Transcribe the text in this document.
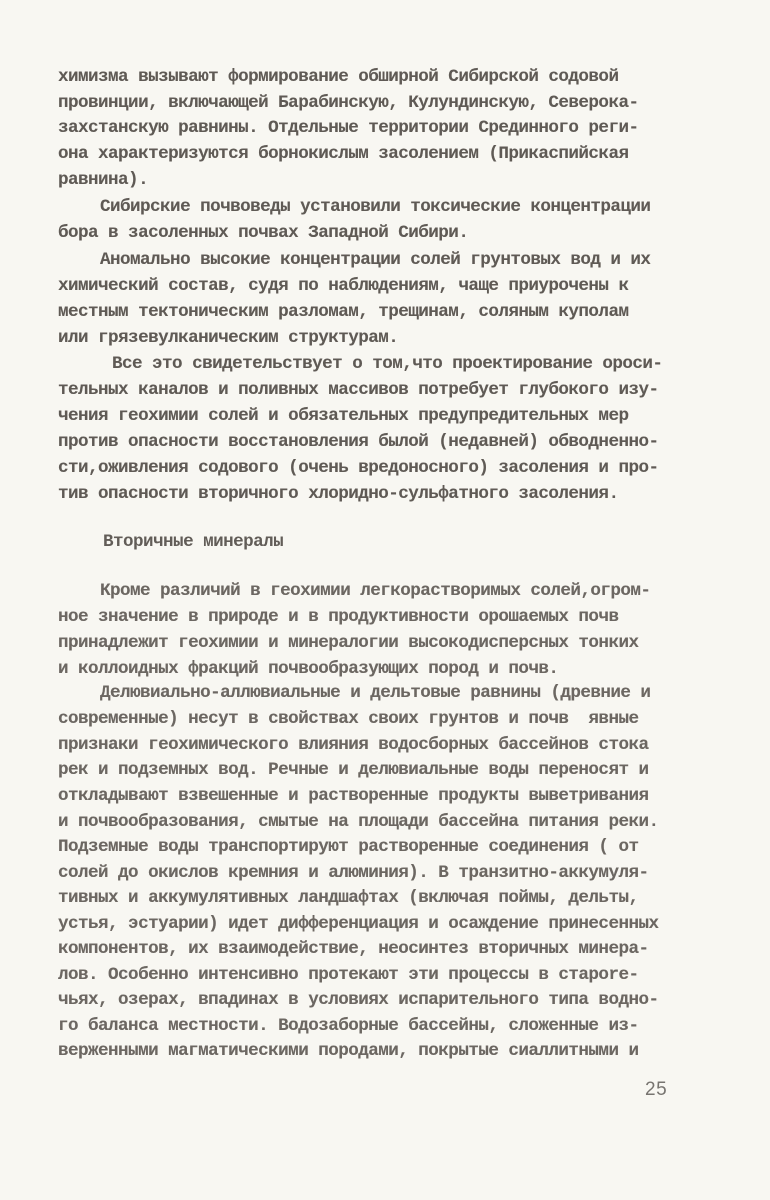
химизма вызывают формирование обширной Сибирской содовой
провинции, включающей Барабинскую, Кулундинскую, Северока-
захстанскую равнины. Отдельные территории Срединного реги-
она характеризуются борнокислым засолением (Прикаспийская
равнина).
Сибирские почвоведы установили токсические концентрации
бора в засоленных почвах Западной Сибири.
Аномально высокие концентрации солей грунтовых вод и их
химический состав, судя по наблюдениям, чаще приурочены к
местным тектоническим разломам, трещинам, соляным куполам
или грязевулканическим структурам.
Все это свидетельствует о том,что проектирование ороси-
тельных каналов и поливных массивов потребует глубокого изу-
чения геохимии солей и обязательных предупредительных мер
против опасности восстановления былой (недавней) обводненно-
сти,оживления содового (очень вредоносного) засоления и про-
тив опасности вторичного хлоридно-сульфатного засоления.
Вторичные минералы
Кроме различий в геохимии легкорастворимых солей,огром-
ное значение в природе и в продуктивности орошаемых почв
принадлежит геохимии и минералогии высокодисперсных тонких
и коллоидных фракций почвообразующих пород и почв.
Делювиально-аллювиальные и дельтовые равнины (древние и
современные) несут в свойствах своих грунтов и почв  явные
признаки геохимического влияния водосборных бассейнов стока
рек и подземных вод. Речные и делювиальные воды переносят и
откладывают взвешенные и растворенные продукты выветривания
и почвообразования, смытые на площади бассейна питания реки.
Подземные воды транспортируют растворенные соединения ( от
солей до окислов кремния и алюминия). В транзитно-аккумуля-
тивных и аккумулятивных ландшафтах (включая поймы, дельты,
устья, эстуарии) идет дифференциация и осаждение принесенных
компонентов, их взаимодействие, неосинтез вторичных минера-
лов. Особенно интенсивно протекают эти процессы в старore-
чьях, озерах, впадинах в условиях испарительного типа водно-
го баланса местности. Водозаборные бассейны, сложенные из-
верженными магматическими породами, покрытые сиаллитными и
25
